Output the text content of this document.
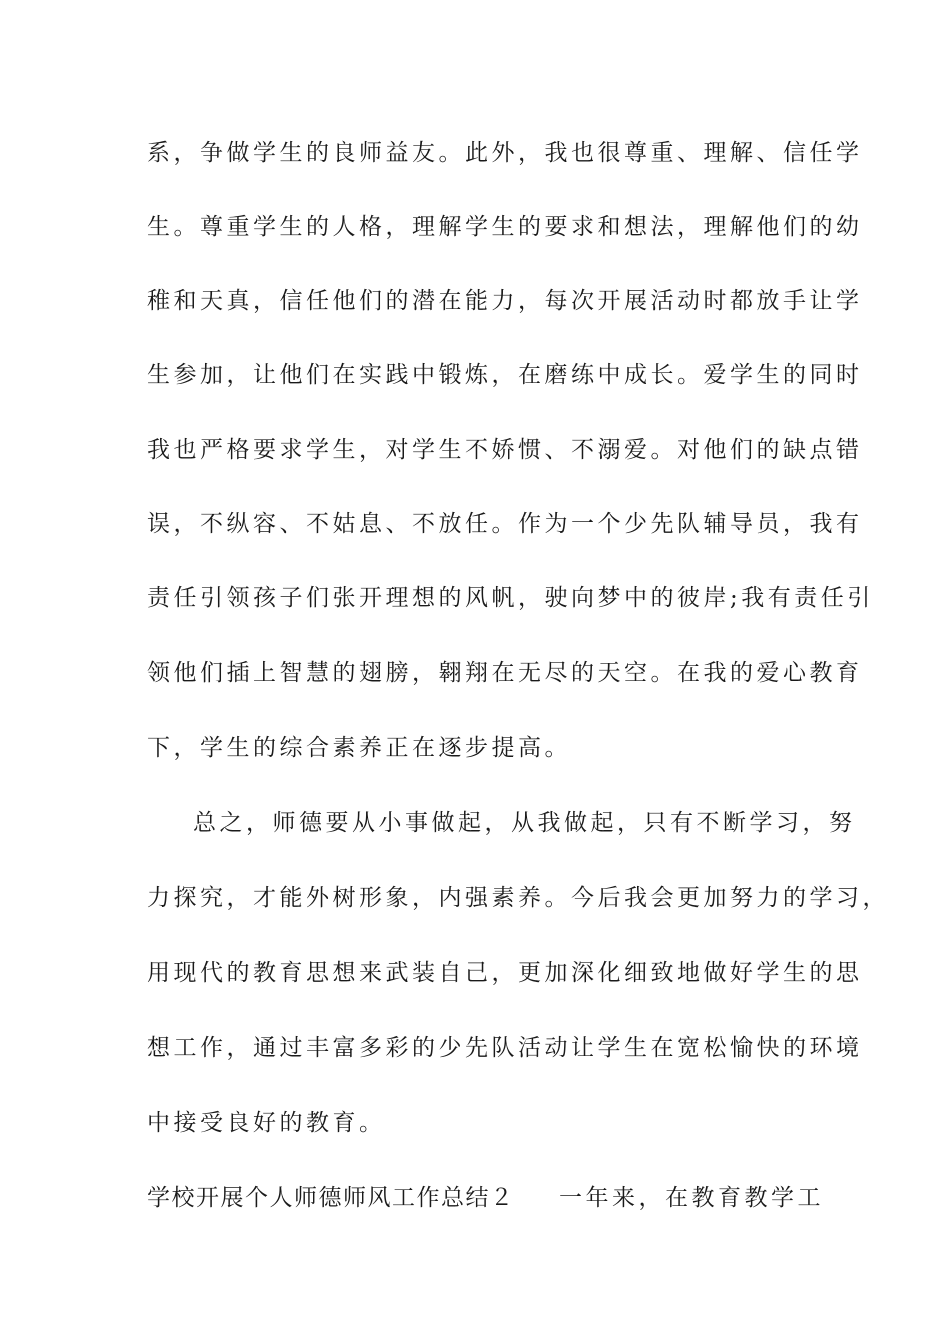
系，争做学生的良师益友。此外，我也很尊重、理解、信任学
生。尊重学生的人格，理解学生的要求和想法，理解他们的幼
稚和天真，信任他们的潜在能力，每次开展活动时都放手让学
生参加，让他们在实践中锻炼，在磨练中成长。爱学生的同时
我也严格要求学生，对学生不娇惯、不溺爱。对他们的缺点错
误，不纵容、不姑息、不放任。作为一个少先队辅导员，我有
责任引领孩子们张开理想的风帆，驶向梦中的彼岸;我有责任引
领他们插上智慧的翅膀，翱翔在无尽的天空。在我的爱心教育
下，学生的综合素养正在逐步提高。
总之，师德要从小事做起，从我做起，只有不断学习，努
力探究，才能外树形象，内强素养。今后我会更加努力的学习，
用现代的教育思想来武装自己，更加深化细致地做好学生的思
想工作，通过丰富多彩的少先队活动让学生在宽松愉快的环境
中接受良好的教育。
学校开展个人师德师风工作总结２ 一年来，在教育教学工
